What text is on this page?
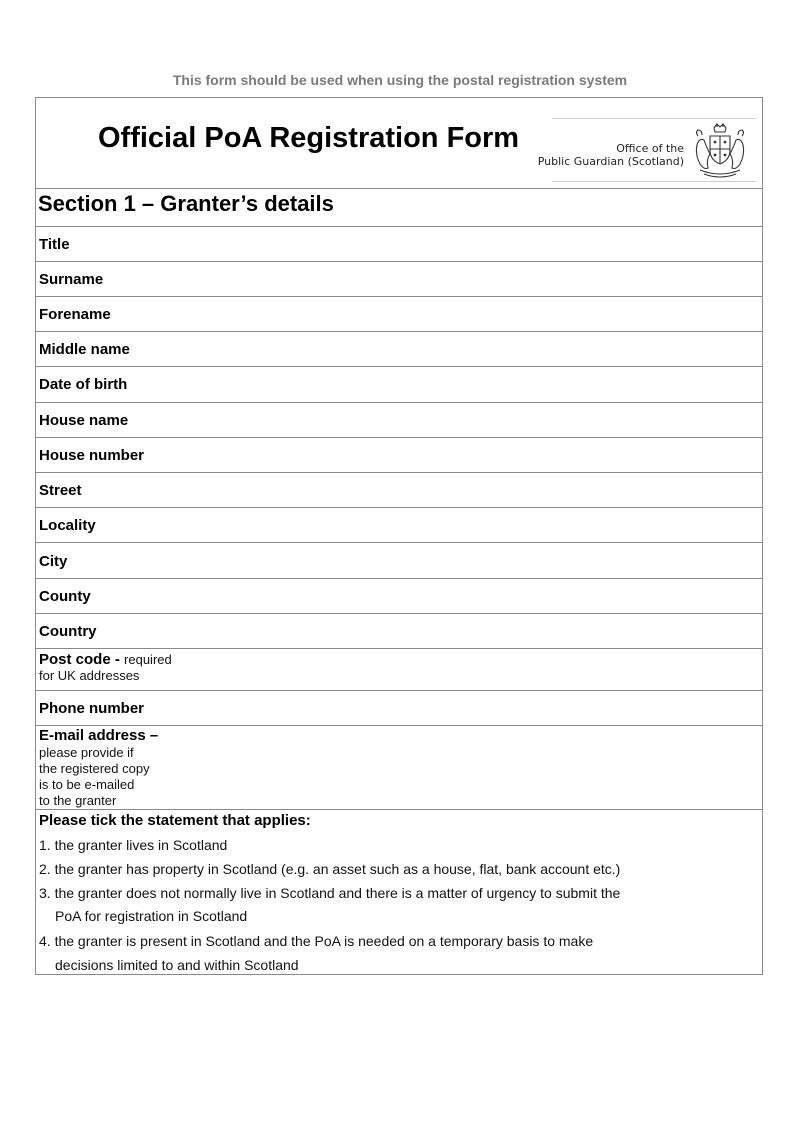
This form should be used when using the postal registration system
Official PoA Registration Form	Office of the
Public Guardian (Scotland)
Section 1 – Granter’s details
Title
Surname
Forename
Middle name
Date of birth
House name
House number
Street
Locality
City
County
Country
Post code - required
for UK addresses
Phone number
E-mail address –
please provide if
the registered copy
is to be e-mailed
to the granter
Please tick the statement that applies:
1. the granter lives in Scotland
2. the granter has property in Scotland (e.g. an asset such as a house, flat, bank account etc.)
3. the granter does not normally live in Scotland and there is a matter of urgency to submit the
PoA for registration in Scotland
4. the granter is present in Scotland and the PoA is needed on a temporary basis to make
decisions limited to and within Scotland
